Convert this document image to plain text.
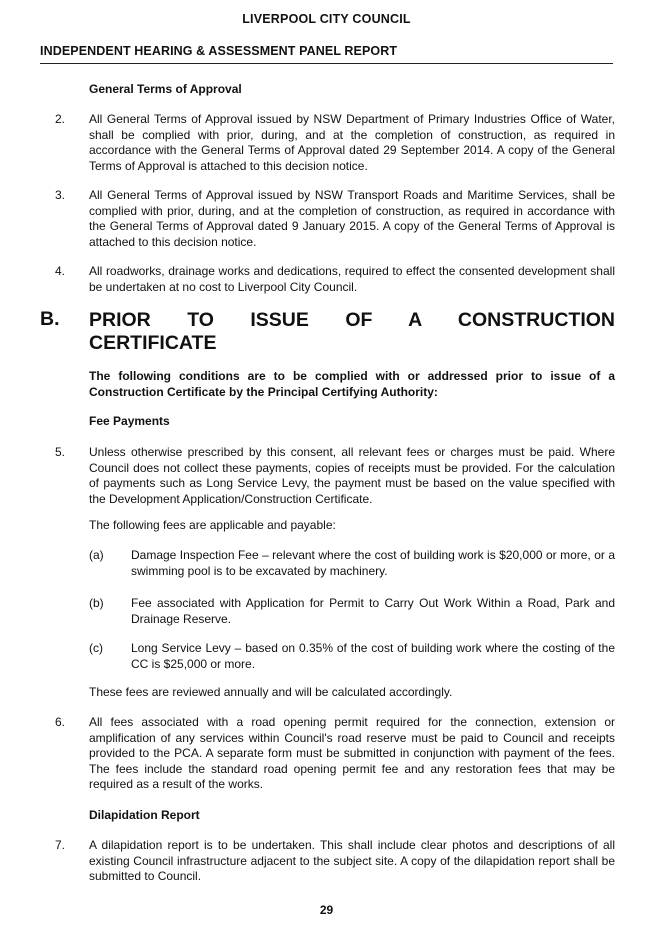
LIVERPOOL CITY COUNCIL
INDEPENDENT HEARING & ASSESSMENT PANEL REPORT
General Terms of Approval
2. All General Terms of Approval issued by NSW Department of Primary Industries Office of Water, shall be complied with prior, during, and at the completion of construction, as required in accordance with the General Terms of Approval dated 29 September 2014. A copy of the General Terms of Approval is attached to this decision notice.
3. All General Terms of Approval issued by NSW Transport Roads and Maritime Services, shall be complied with prior, during, and at the completion of construction, as required in accordance with the General Terms of Approval dated 9 January 2015. A copy of the General Terms of Approval is attached to this decision notice.
4. All roadworks, drainage works and dedications, required to effect the consented development shall be undertaken at no cost to Liverpool City Council.
B. PRIOR TO ISSUE OF A CONSTRUCTION
CERTIFICATE
The following conditions are to be complied with or addressed prior to issue of a Construction Certificate by the Principal Certifying Authority:
Fee Payments
5. Unless otherwise prescribed by this consent, all relevant fees or charges must be paid. Where Council does not collect these payments, copies of receipts must be provided. For the calculation of payments such as Long Service Levy, the payment must be based on the value specified with the Development Application/Construction Certificate.
The following fees are applicable and payable:
(a) Damage Inspection Fee – relevant where the cost of building work is $20,000 or more, or a swimming pool is to be excavated by machinery.
(b) Fee associated with Application for Permit to Carry Out Work Within a Road, Park and Drainage Reserve.
(c) Long Service Levy – based on 0.35% of the cost of building work where the costing of the CC is $25,000 or more.
These fees are reviewed annually and will be calculated accordingly.
6. All fees associated with a road opening permit required for the connection, extension or amplification of any services within Council's road reserve must be paid to Council and receipts provided to the PCA. A separate form must be submitted in conjunction with payment of the fees. The fees include the standard road opening permit fee and any restoration fees that may be required as a result of the works.
Dilapidation Report
7. A dilapidation report is to be undertaken. This shall include clear photos and descriptions of all existing Council infrastructure adjacent to the subject site. A copy of the dilapidation report shall be submitted to Council.
29
